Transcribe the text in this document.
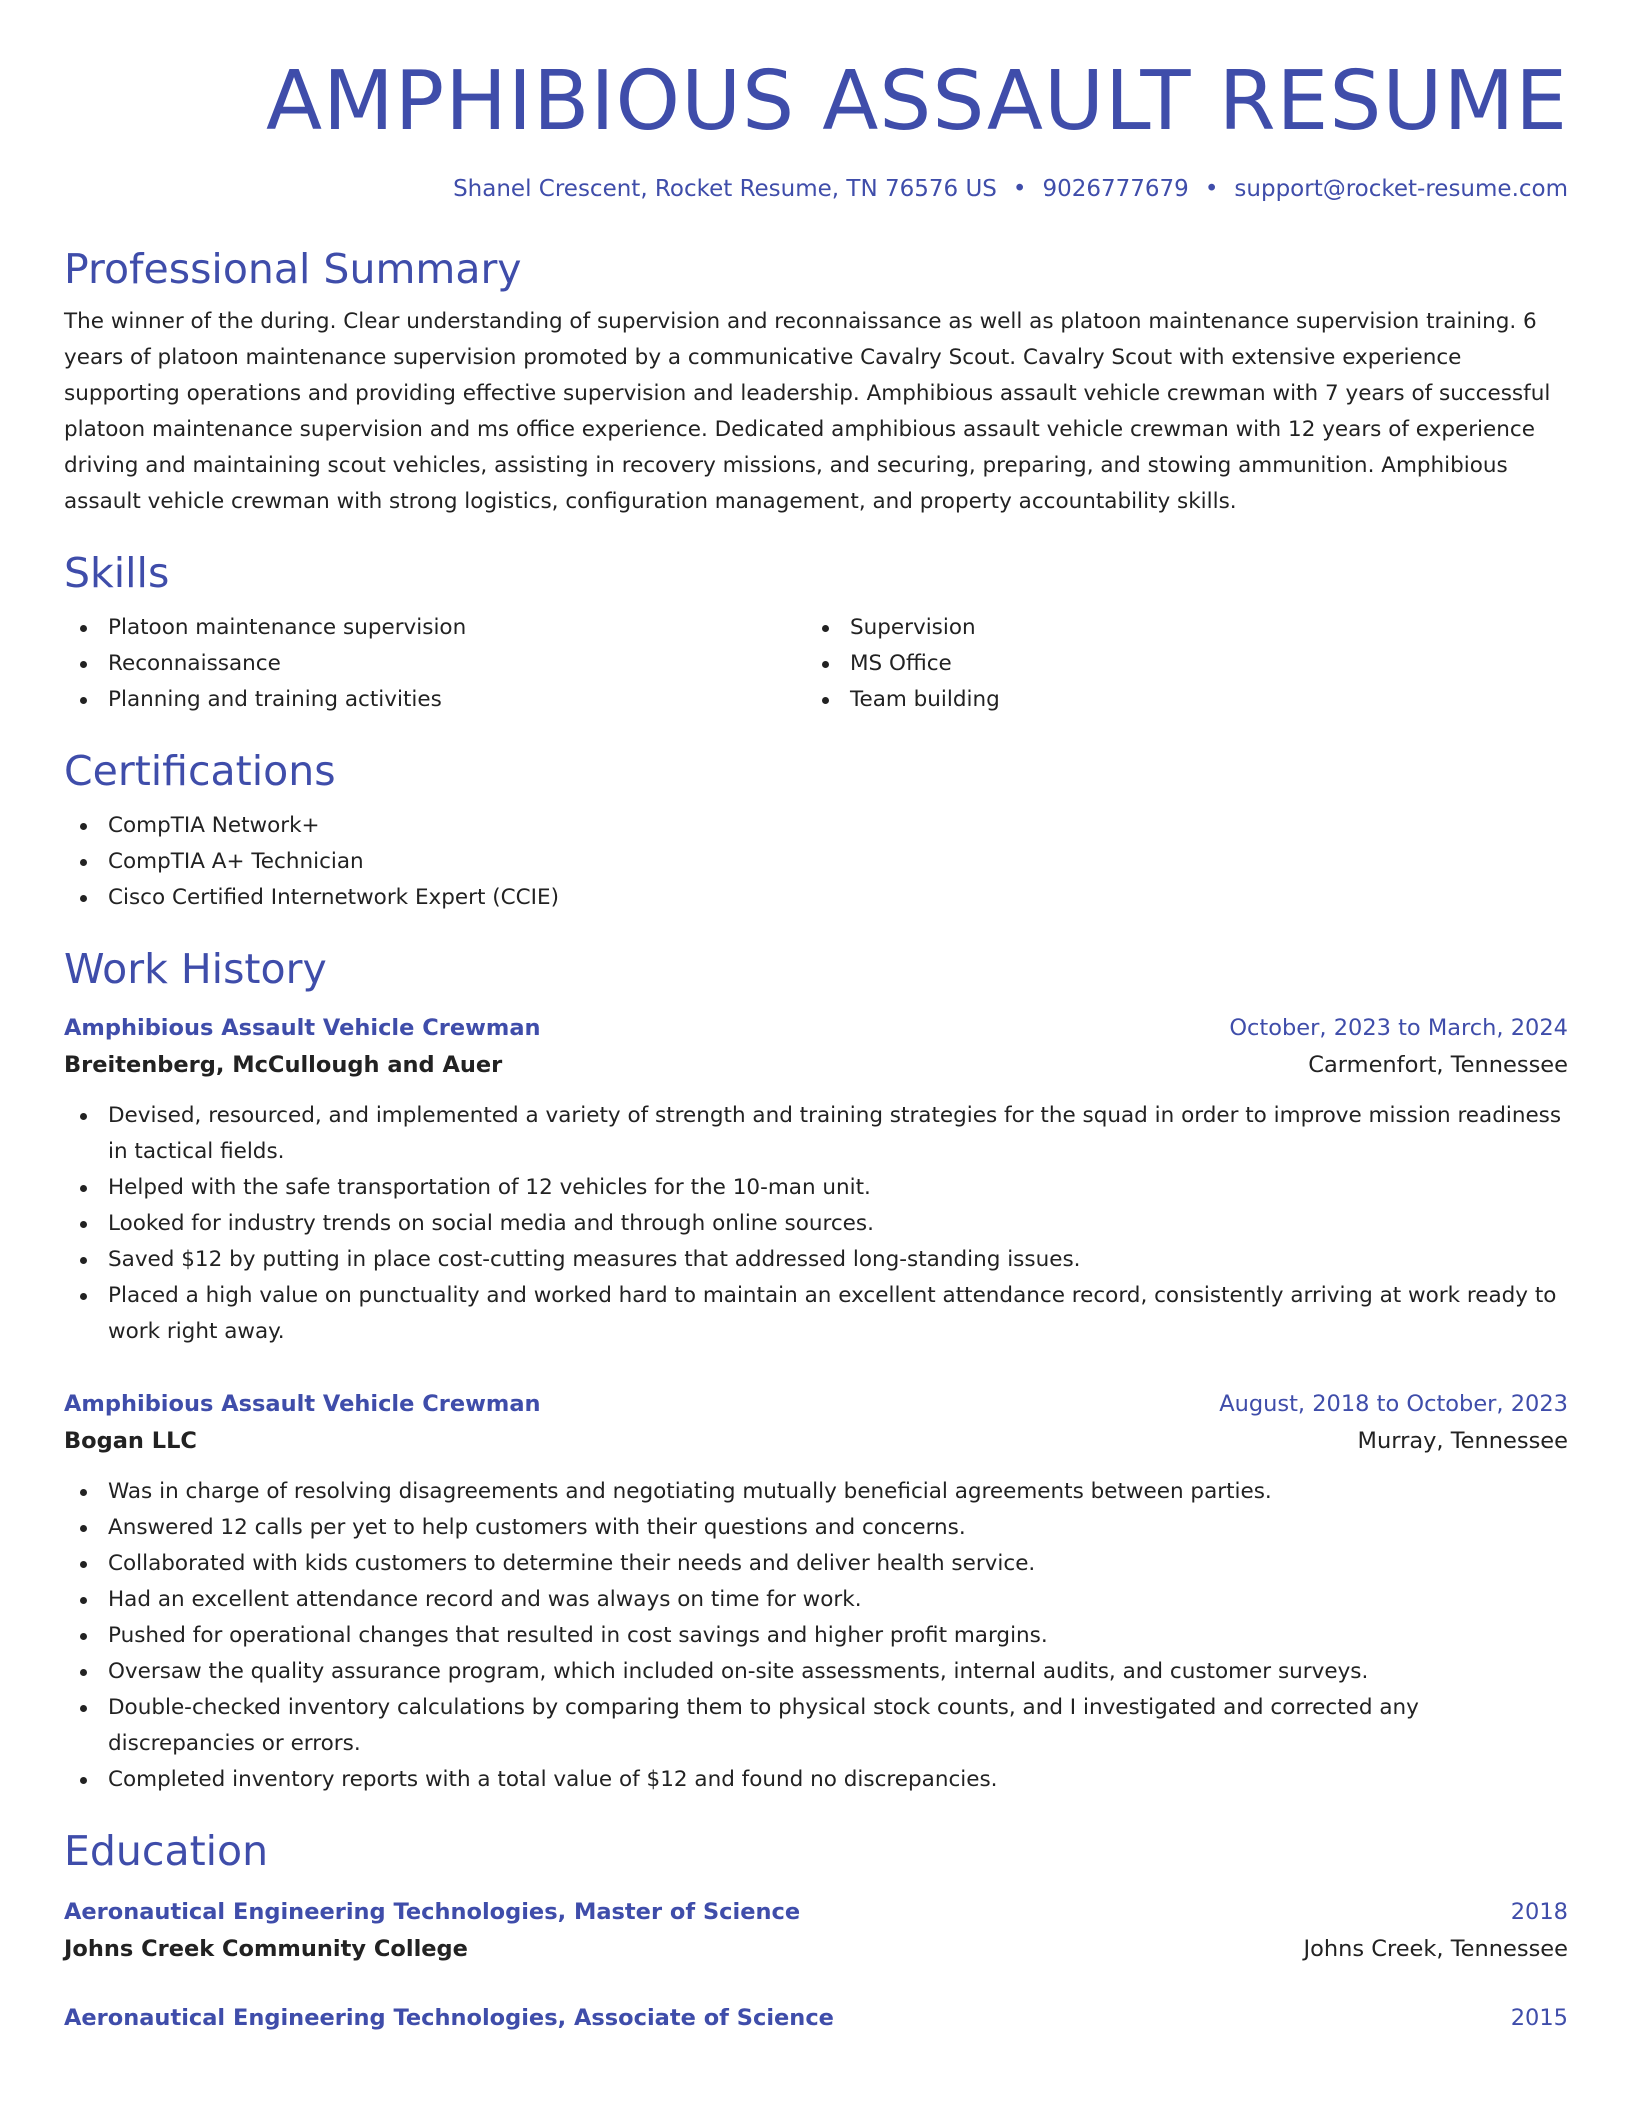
AMPHIBIOUS ASSAULT RESUME
Shanel Crescent, Rocket Resume, TN 76576 US • 9026777679 • support@rocket-resume.com
Professional Summary

The winner of the during. Clear understanding of supervision and reconnaissance as well as platoon maintenance supervision training. 6 years of platoon maintenance supervision promoted by a communicative Cavalry Scout. Cavalry Scout with extensive experience supporting operations and providing effective supervision and leadership. Amphibious assault vehicle crewman with 7 years of successful platoon maintenance supervision and ms office experience. Dedicated amphibious assault vehicle crewman with 12 years of experience driving and maintaining scout vehicles, assisting in recovery missions, and securing, preparing, and stowing ammunition. Amphibious assault vehicle crewman with strong logistics, configuration management, and property accountability skills.

Skills
Platoon maintenance supervision
Reconnaissance
Planning and training activities
Supervision
MS Office
Team building
Certifications
CompTIA Network+
CompTIA A+ Technician
Cisco Certified Internetwork Expert (CCIE)
Work History
Amphibious Assault Vehicle Crewman	October, 2023 to March, 2024
Breitenberg, McCullough and Auer	Carmenfort, Tennessee
Devised, resourced, and implemented a variety of strength and training strategies for the squad in order to improve mission readiness in tactical fields.
Helped with the safe transportation of 12 vehicles for the 10-man unit.
Looked for industry trends on social media and through online sources.
Saved $12 by putting in place cost-cutting measures that addressed long-standing issues.
Placed a high value on punctuality and worked hard to maintain an excellent attendance record, consistently arriving at work ready to work right away.
Amphibious Assault Vehicle Crewman	August, 2018 to October, 2023
Bogan LLC	Murray, Tennessee
Was in charge of resolving disagreements and negotiating mutually beneficial agreements between parties.
Answered 12 calls per yet to help customers with their questions and concerns.
Collaborated with kids customers to determine their needs and deliver health service.
Had an excellent attendance record and was always on time for work.
Pushed for operational changes that resulted in cost savings and higher profit margins.
Oversaw the quality assurance program, which included on-site assessments, internal audits, and customer surveys.
Double-checked inventory calculations by comparing them to physical stock counts, and I investigated and corrected any discrepancies or errors.
Completed inventory reports with a total value of $12 and found no discrepancies.
Education
Aeronautical Engineering Technologies, Master of Science	2018
Johns Creek Community College	Johns Creek, Tennessee
Aeronautical Engineering Technologies, Associate of Science	2015
